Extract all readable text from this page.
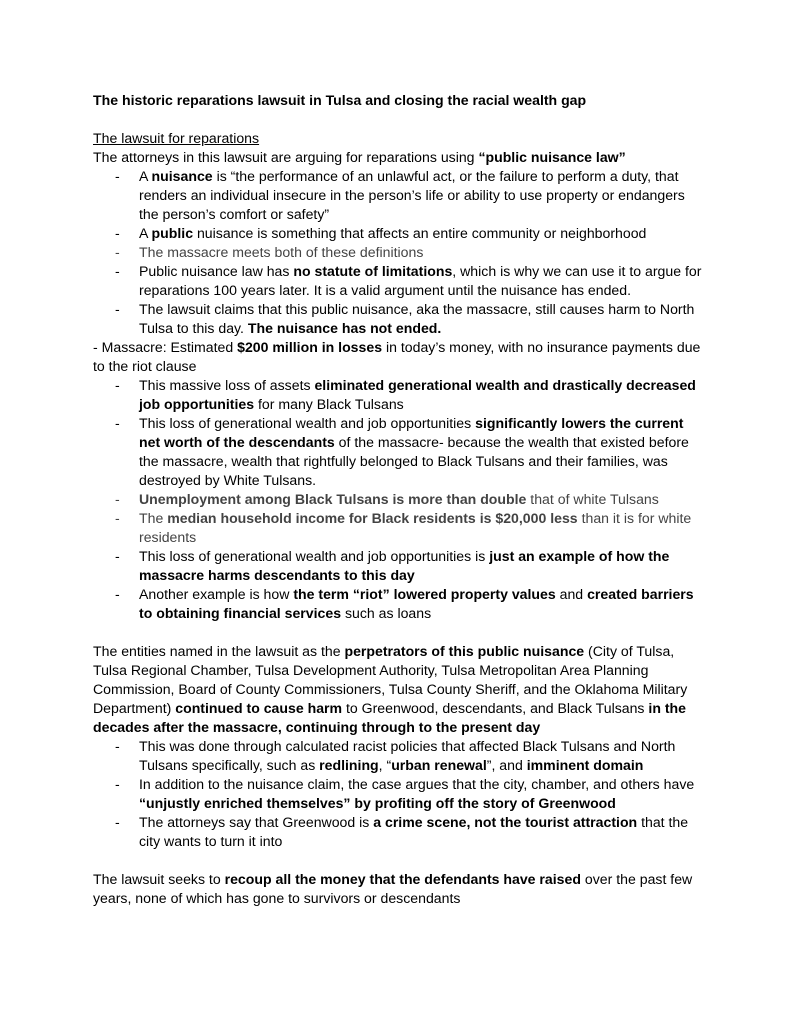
The historic reparations lawsuit in Tulsa and closing the racial wealth gap

The lawsuit for reparations

The attorneys in this lawsuit are arguing for reparations using “public nuisance law”

- A nuisance is “the performance of an unlawful act, or the failure to perform a duty, that renders an individual insecure in the person’s life or ability to use property or endangers the person’s comfort or safety”
- A public nuisance is something that affects an entire community or neighborhood
- The massacre meets both of these definitions
- Public nuisance law has no statute of limitations, which is why we can use it to argue for reparations 100 years later. It is a valid argument until the nuisance has ended.
- The lawsuit claims that this public nuisance, aka the massacre, still causes harm to North Tulsa to this day. The nuisance has not ended.

- Massacre: Estimated $200 million in losses in today’s money, with no insurance payments due to the riot clause

- This massive loss of assets eliminated generational wealth and drastically decreased job opportunities for many Black Tulsans
- This loss of generational wealth and job opportunities significantly lowers the current net worth of the descendants of the massacre- because the wealth that existed before the massacre, wealth that rightfully belonged to Black Tulsans and their families, was destroyed by White Tulsans.
- Unemployment among Black Tulsans is more than double that of white Tulsans
- The median household income for Black residents is $20,000 less than it is for white residents
- This loss of generational wealth and job opportunities is just an example of how the massacre harms descendants to this day
- Another example is how the term “riot” lowered property values and created barriers to obtaining financial services such as loans

The entities named in the lawsuit as the perpetrators of this public nuisance (City of Tulsa, Tulsa Regional Chamber, Tulsa Development Authority, Tulsa Metropolitan Area Planning Commission, Board of County Commissioners, Tulsa County Sheriff, and the Oklahoma Military Department) continued to cause harm to Greenwood, descendants, and Black Tulsans in the decades after the massacre, continuing through to the present day

- This was done through calculated racist policies that affected Black Tulsans and North Tulsans specifically, such as redlining, “urban renewal”, and imminent domain
- In addition to the nuisance claim, the case argues that the city, chamber, and others have “unjustly enriched themselves” by profiting off the story of Greenwood
- The attorneys say that Greenwood is a crime scene, not the tourist attraction that the city wants to turn it into

The lawsuit seeks to recoup all the money that the defendants have raised over the past few years, none of which has gone to survivors or descendants
